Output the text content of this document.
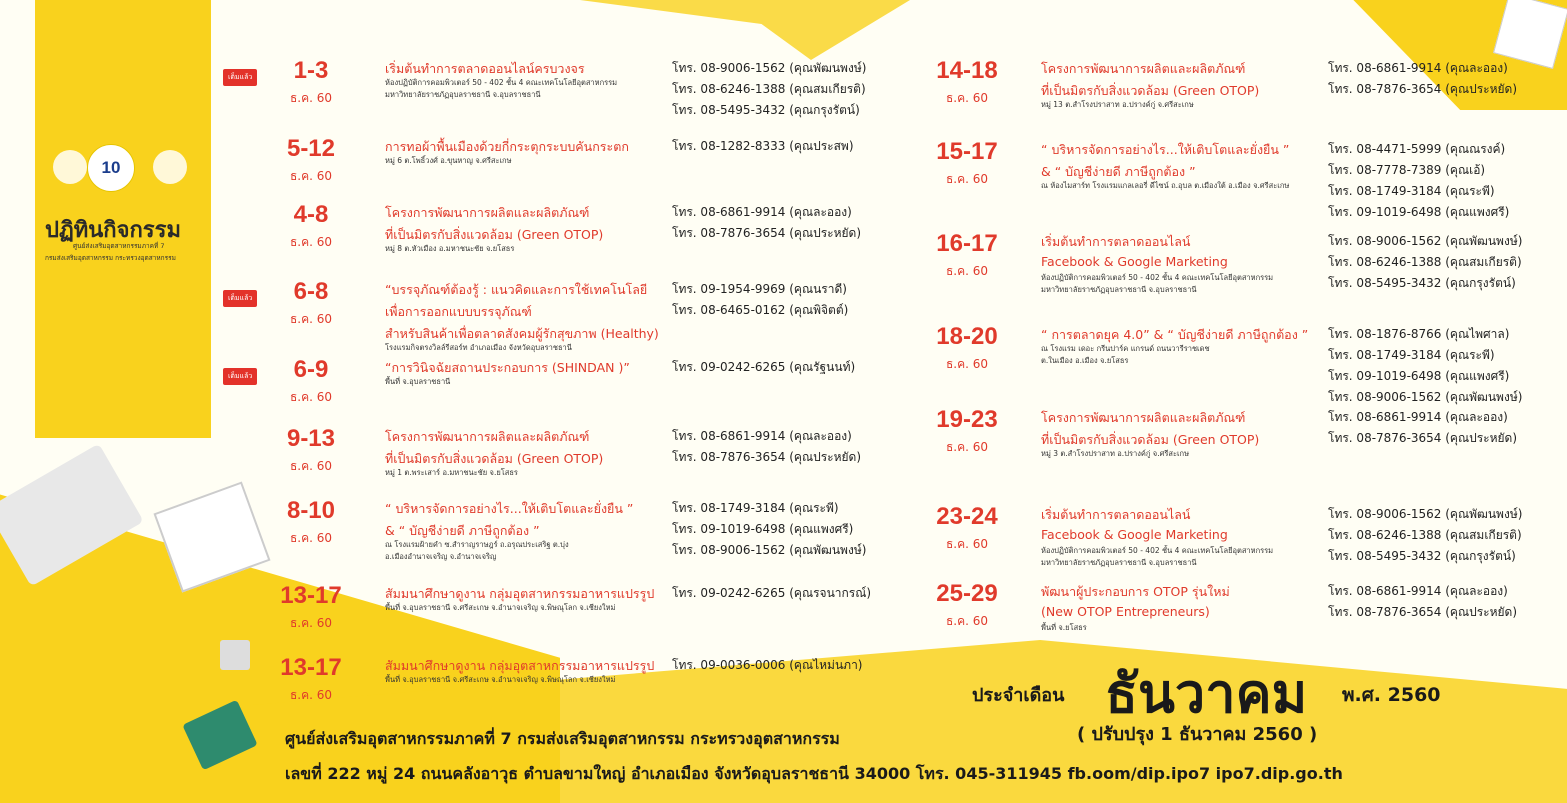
10
ปฏิทินกิจกรรม
ศูนย์ส่งเสริมอุตสาหกรรมภาคที่ 7
กรมส่งเสริมอุตสาหกรรม กระทรวงอุตสาหกรรม
1-3
ธ.ค. 60
เต็มแล้ว
เริ่มต้นทำการตลาดออนไลน์ครบวงจร
ห้องปฏิบัติการคอมพิวเตอร์ 50 - 402 ชั้น 4 คณะเทคโนโลยีอุตสาหกรรม
มหาวิทยาลัยราชภัฏอุบลราชธานี จ.อุบลราชธานี
โทร. 08-9006-1562 (คุณพัฒนพงษ์)
โทร. 08-6246-1388 (คุณสมเกียรติ)
โทร. 08-5495-3432 (คุณกรุงรัตน์)
5-12
ธ.ค. 60
การทอผ้าพื้นเมืองด้วยกี่กระตุกระบบคันกระตก
หมู่ 6 ต.โพธิ์วงศ์ อ.ขุนหาญ จ.ศรีสะเกษ
โทร. 08-1282-8333 (คุณประสพ)
4-8
ธ.ค. 60
โครงการพัฒนาการผลิตและผลิตภัณฑ์
ที่เป็นมิตรกับสิ่งแวดล้อม (Green OTOP)
หมู่ 8 ต.หัวเมือง อ.มหาชนะชัย จ.ยโสธร
โทร. 08-6861-9914 (คุณละออง)
โทร. 08-7876-3654 (คุณประหยัด)
6-8
ธ.ค. 60
เต็มแล้ว
“บรรจุภัณฑ์ต้องรู้ : แนวคิดและการใช้เทคโนโลยี
เพื่อการออกแบบบรรจุภัณฑ์
สำหรับสินค้าเพื่อตลาดสังคมผู้รักสุขภาพ (Healthy)
โรงแรมกิจตรงวิลล์รีสอร์ท อำเภอเมือง จังหวัดอุบลราชธานี
โทร. 09-1954-9969 (คุณนราดี)
โทร. 08-6465-0162 (คุณพิจิตต์)
6-9
ธ.ค. 60
เต็มแล้ว
“การวินิจฉัยสถานประกอบการ (SHINDAN )”
พื้นที่ จ.อุบลราชธานี
โทร. 09-0242-6265 (คุณรัฐนนท์)
9-13
ธ.ค. 60
โครงการพัฒนาการผลิตและผลิตภัณฑ์
ที่เป็นมิตรกับสิ่งแวดล้อม (Green OTOP)
หมู่ 1 ต.พระเสาร์ อ.มหาชนะชัย จ.ยโสธร
โทร. 08-6861-9914 (คุณละออง)
โทร. 08-7876-3654 (คุณประหยัด)
8-10
ธ.ค. 60
“ บริหารจัดการอย่างไร...ให้เติบโตและยั่งยืน ”
& “ บัญชีง่ายดี ภาษีถูกต้อง ”
ณ โรงแรมฝ้ายคำ ซ.สำราญราษฎร์ ถ.อรุณประเสริฐ ต.บุ่ง
อ.เมืองอำนาจเจริญ จ.อำนาจเจริญ
โทร. 08-1749-3184 (คุณระพี)
โทร. 09-1019-6498 (คุณแพงศรี)
โทร. 08-9006-1562 (คุณพัฒนพงษ์)
13-17
ธ.ค. 60
สัมมนาศึกษาดูงาน กลุ่มอุตสาหกรรมอาหารแปรรูป
พื้นที่ จ.อุบลราชธานี จ.ศรีสะเกษ จ.อำนาจเจริญ จ.พิษณุโลก จ.เชียงใหม่
โทร. 09-0242-6265 (คุณรจนากรณ์)
13-17
ธ.ค. 60
สัมมนาศึกษาดูงาน กลุ่มอุตสาหกรรมอาหารแปรรูป
พื้นที่ จ.อุบลราชธานี จ.ศรีสะเกษ จ.อำนาจเจริญ จ.พิษณุโลก จ.เชียงใหม่
โทร. 09-0036-0006 (คุณไหม่นภา)
14-18
ธ.ค. 60
โครงการพัฒนาการผลิตและผลิตภัณฑ์
ที่เป็นมิตรกับสิ่งแวดล้อม (Green OTOP)
หมู่ 13 ต.สำโรงปราสาท อ.ปรางค์กู่ จ.ศรีสะเกษ
โทร. 08-6861-9914 (คุณละออง)
โทร. 08-7876-3654 (คุณประหยัด)
15-17
ธ.ค. 60
“ บริหารจัดการอย่างไร...ให้เติบโตและยั่งยืน ”
& “ บัญชีง่ายดี ภาษีถูกต้อง ”
ณ ห้องไมสาร์ท โรงแรมแกลเลอรี่ ดีไซน์ ถ.อุบล ต.เมืองใต้ อ.เมือง จ.ศรีสะเกษ
โทร. 08-4471-5999 (คุณณรงค์)
โทร. 08-7778-7389 (คุณเอ้)
โทร. 08-1749-3184 (คุณระพี)
โทร. 09-1019-6498 (คุณแพงศรี)
16-17
ธ.ค. 60
เริ่มต้นทำการตลาดออนไลน์
Facebook & Google Marketing
ห้องปฏิบัติการคอมพิวเตอร์ 50 - 402 ชั้น 4 คณะเทคโนโลยีอุตสาหกรรม
มหาวิทยาลัยราชภัฏอุบลราชธานี จ.อุบลราชธานี
โทร. 08-9006-1562 (คุณพัฒนพงษ์)
โทร. 08-6246-1388 (คุณสมเกียรติ)
โทร. 08-5495-3432 (คุณกรุงรัตน์)
18-20
ธ.ค. 60
“ การตลาดยุค 4.0” & “ บัญชีง่ายดี ภาษีถูกต้อง ”
ณ โรงแรม เดอะ กรีนปาร์ค แกรนด์ ถนนวารีราชเดช
ต.ในเมือง อ.เมือง จ.ยโสธร
โทร. 08-1876-8766 (คุณไพศาล)
โทร. 08-1749-3184 (คุณระพี)
โทร. 09-1019-6498 (คุณแพงศรี)
โทร. 08-9006-1562 (คุณพัฒนพงษ์)
19-23
ธ.ค. 60
โครงการพัฒนาการผลิตและผลิตภัณฑ์
ที่เป็นมิตรกับสิ่งแวดล้อม (Green OTOP)
หมู่ 3 ต.สำโรงปราสาท อ.ปรางค์กู่ จ.ศรีสะเกษ
โทร. 08-6861-9914 (คุณละออง)
โทร. 08-7876-3654 (คุณประหยัด)
23-24
ธ.ค. 60
เริ่มต้นทำการตลาดออนไลน์
Facebook & Google Marketing
ห้องปฏิบัติการคอมพิวเตอร์ 50 - 402 ชั้น 4 คณะเทคโนโลยีอุตสาหกรรม
มหาวิทยาลัยราชภัฏอุบลราชธานี จ.อุบลราชธานี
โทร. 08-9006-1562 (คุณพัฒนพงษ์)
โทร. 08-6246-1388 (คุณสมเกียรติ)
โทร. 08-5495-3432 (คุณกรุงรัตน์)
25-29
ธ.ค. 60
พัฒนาผู้ประกอบการ OTOP รุ่นใหม่
(New OTOP Entrepreneurs)
พื้นที่ จ.ยโสธร
โทร. 08-6861-9914 (คุณละออง)
โทร. 08-7876-3654 (คุณประหยัด)
ประจำเดือน ธันวาคม พ.ศ. 2560
( ปรับปรุง 1 ธันวาคม 2560 )
ศูนย์ส่งเสริมอุตสาหกรรมภาคที่ 7 กรมส่งเสริมอุตสาหกรรม กระทรวงอุตสาหกรรม
เลขที่ 222 หมู่ 24 ถนนคลังอาวุธ ตำบลขามใหญ่ อำเภอเมือง จังหวัดอุบลราชธานี 34000 โทร. 045-311945 fb.oom/dip.ipo7 ipo7.dip.go.th
